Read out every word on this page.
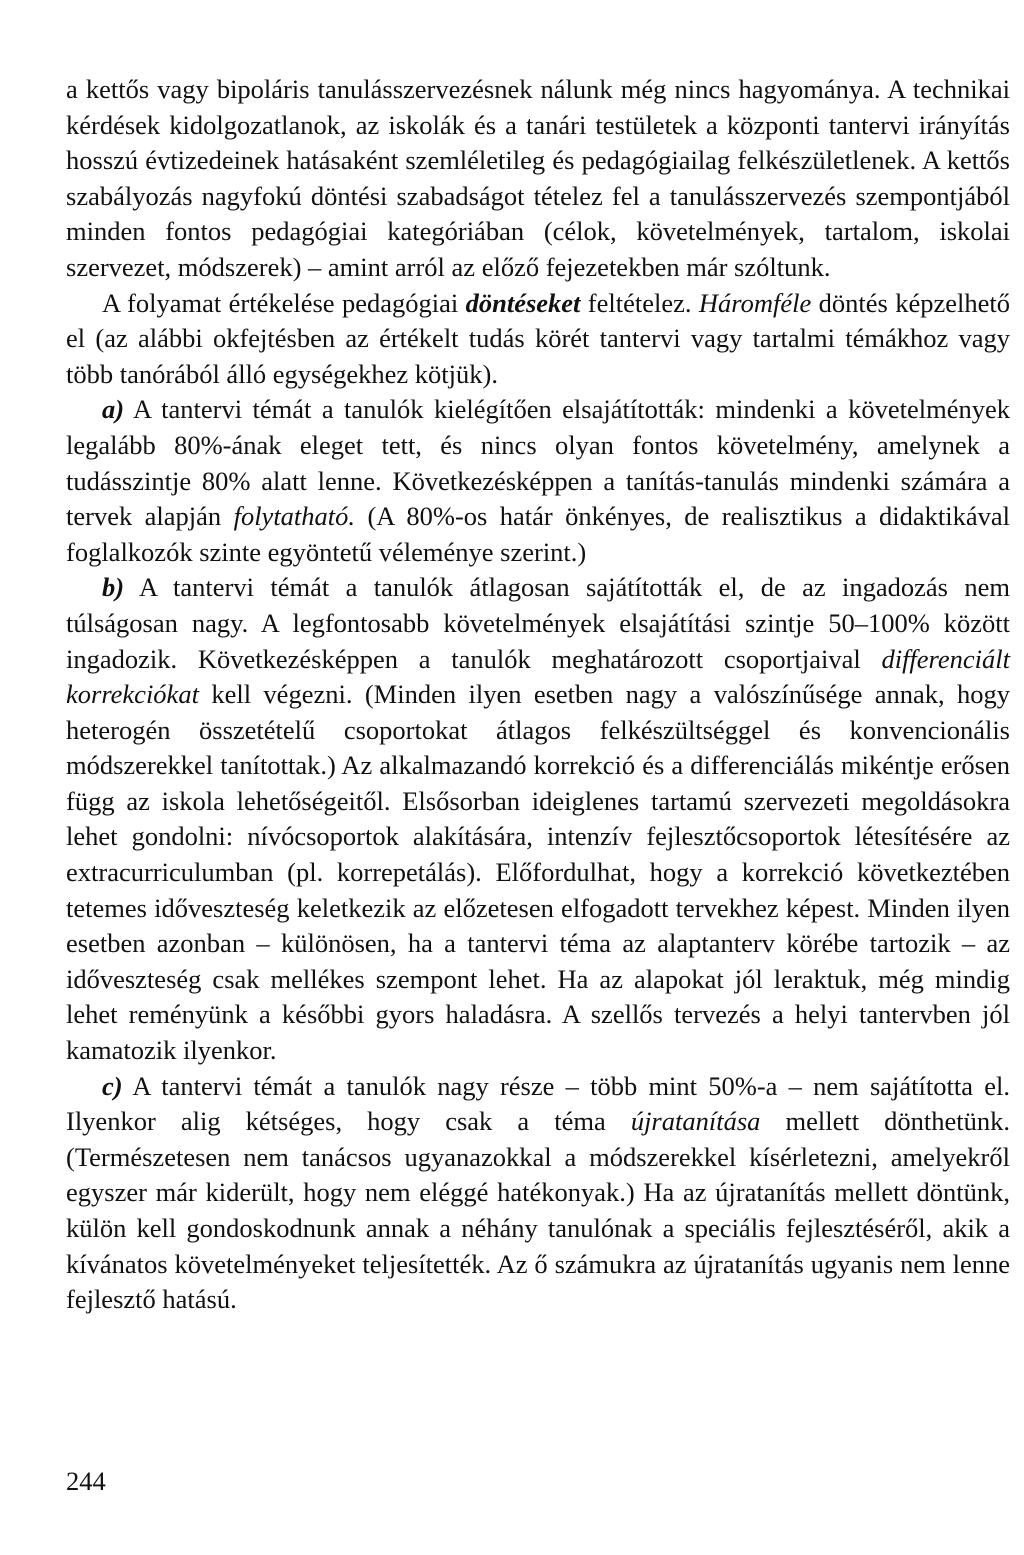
a kettős vagy bipoláris tanulásszervezésnek nálunk még nincs hagyománya. A technikai kérdések kidolgozatlanok, az iskolák és a tanári testületek a központi tantervi irányítás hosszú évtizedeinek hatásaként szemléletileg és pedagógiailag felkészületlenek. A kettős szabályozás nagyfokú döntési szabadságot tételez fel a tanulásszervezés szempontjából minden fontos pedagógiai kategóriában (célok, követelmények, tartalom, iskolai szervezet, módszerek) – amint arról az előző fejezetekben már szóltunk.

A folyamat értékelése pedagógiai döntéseket feltételez. Háromféle döntés képzelhető el (az alábbi okfejtésben az értékelt tudás körét tantervi vagy tartalmi témákhoz vagy több tanórából álló egységekhez kötjük).

a) A tantervi témát a tanulók kielégítően elsajátították: mindenki a követelmények legalább 80%-ának eleget tett, és nincs olyan fontos követelmény, amelynek a tudásszintje 80% alatt lenne. Következésképpen a tanítás-tanulás mindenki számára a tervek alapján folytatható. (A 80%-os határ önkényes, de realisztikus a didaktikával foglalkozók szinte egyöntetű véleménye szerint.)

b) A tantervi témát a tanulók átlagosan sajátították el, de az ingadozás nem túlságosan nagy. A legfontosabb követelmények elsajátítási szintje 50–100% között ingadozik. Következésképpen a tanulók meghatározott csoportjaival differenciált korrekciókat kell végezni. (Minden ilyen esetben nagy a valószínűsége annak, hogy heterogén összetételű csoportokat átlagos felkészültséggel és konvencionális módszerekkel tanítottak.) Az alkalmazandó korrekció és a differenciálás mikéntje erősen függ az iskola lehetőségeitől. Elsősorban ideiglenes tartamú szervezeti megoldásokra lehet gondolni: nívócsoportok alakítására, intenzív fejlesztőcsoportok létesítésére az extracurriculumban (pl. korrepetálás). Előfordulhat, hogy a korrekció következtében tetemes időveszteség keletkezik az előzetesen elfogadott tervekhez képest. Minden ilyen esetben azonban – különösen, ha a tantervi téma az alaptanterv körébe tartozik – az időveszteség csak mellékes szempont lehet. Ha az alapokat jól leraktuk, még mindig lehet reményünk a későbbi gyors haladásra. A szellős tervezés a helyi tantervben jól kamatozik ilyenkor.

c) A tantervi témát a tanulók nagy része – több mint 50%-a – nem sajátította el. Ilyenkor alig kétséges, hogy csak a téma újratanítása mellett dönthetünk. (Természetesen nem tanácsos ugyanazokkal a módszerekkel kísérletezni, amelyekről egyszer már kiderült, hogy nem eléggé hatékonyak.) Ha az újratanítás mellett döntünk, külön kell gondoskodnunk annak a néhány tanulónak a speciális fejlesztéséről, akik a kívánatos követelményeket teljesítették. Az ő számukra az újratanítás ugyanis nem lenne fejlesztő hatású.

244
